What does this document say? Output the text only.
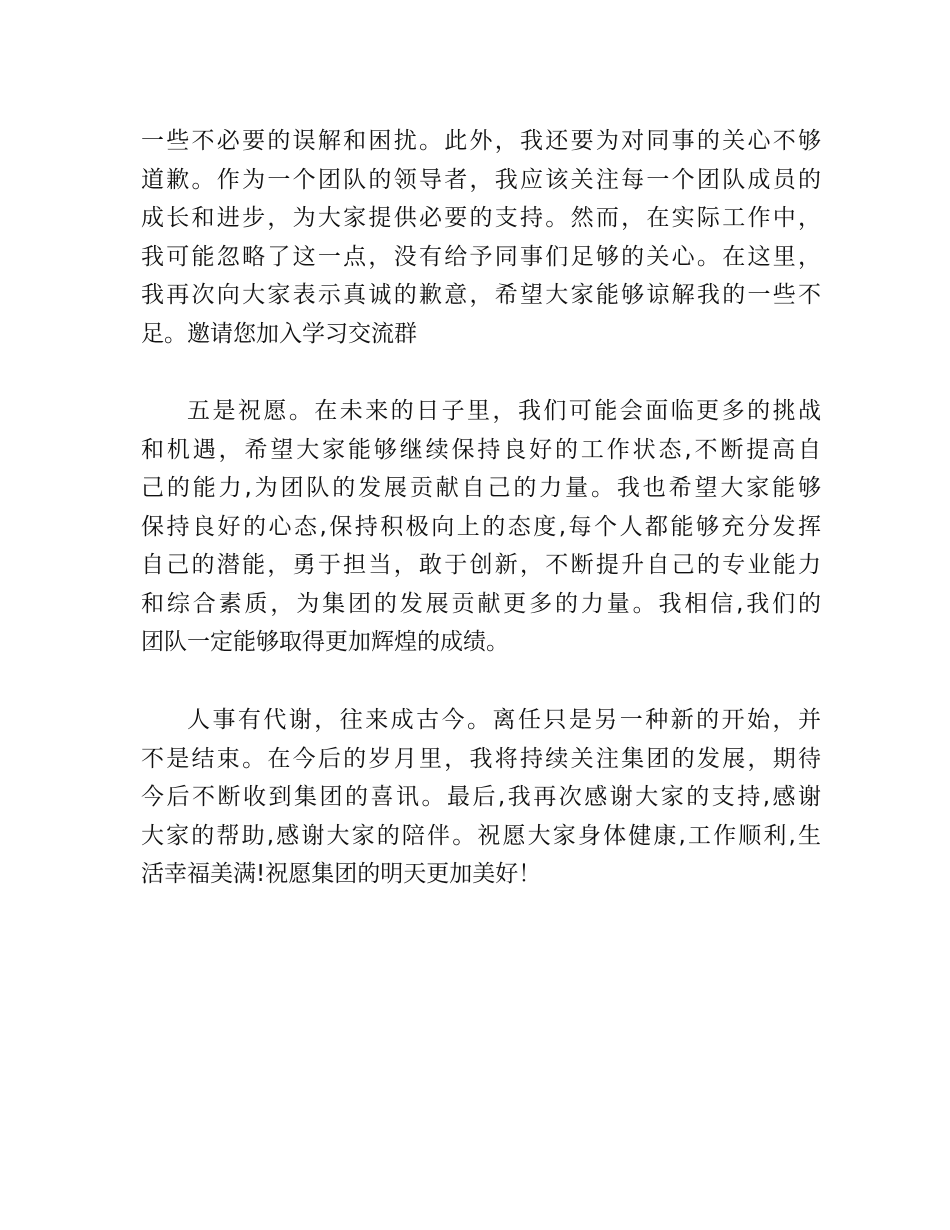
一些不必要的误解和困扰。此外，我还要为对同事的关心不够
道歉。作为一个团队的领导者，我应该关注每一个团队成员的
成长和进步，为大家提供必要的支持。然而，在实际工作中，
我可能忽略了这一点，没有给予同事们足够的关心。在这里，
我再次向大家表示真诚的歉意，希望大家能够谅解我的一些不
足。邀请您加入学习交流群
五是祝愿。在未来的日子里，我们可能会面临更多的挑战
和机遇，希望大家能够继续保持良好的工作状态,不断提高自
己的能力,为团队的发展贡献自己的力量。我也希望大家能够
保持良好的心态,保持积极向上的态度,每个人都能够充分发挥
自己的潜能，勇于担当，敢于创新，不断提升自己的专业能力
和综合素质，为集团的发展贡献更多的力量。我相信,我们的
团队一定能够取得更加辉煌的成绩。
人事有代谢，往来成古今。离任只是另一种新的开始，并
不是结束。在今后的岁月里，我将持续关注集团的发展，期待
今后不断收到集团的喜讯。最后,我再次感谢大家的支持,感谢
大家的帮助,感谢大家的陪伴。祝愿大家身体健康,工作顺利,生
活幸福美满!祝愿集团的明天更加美好！
